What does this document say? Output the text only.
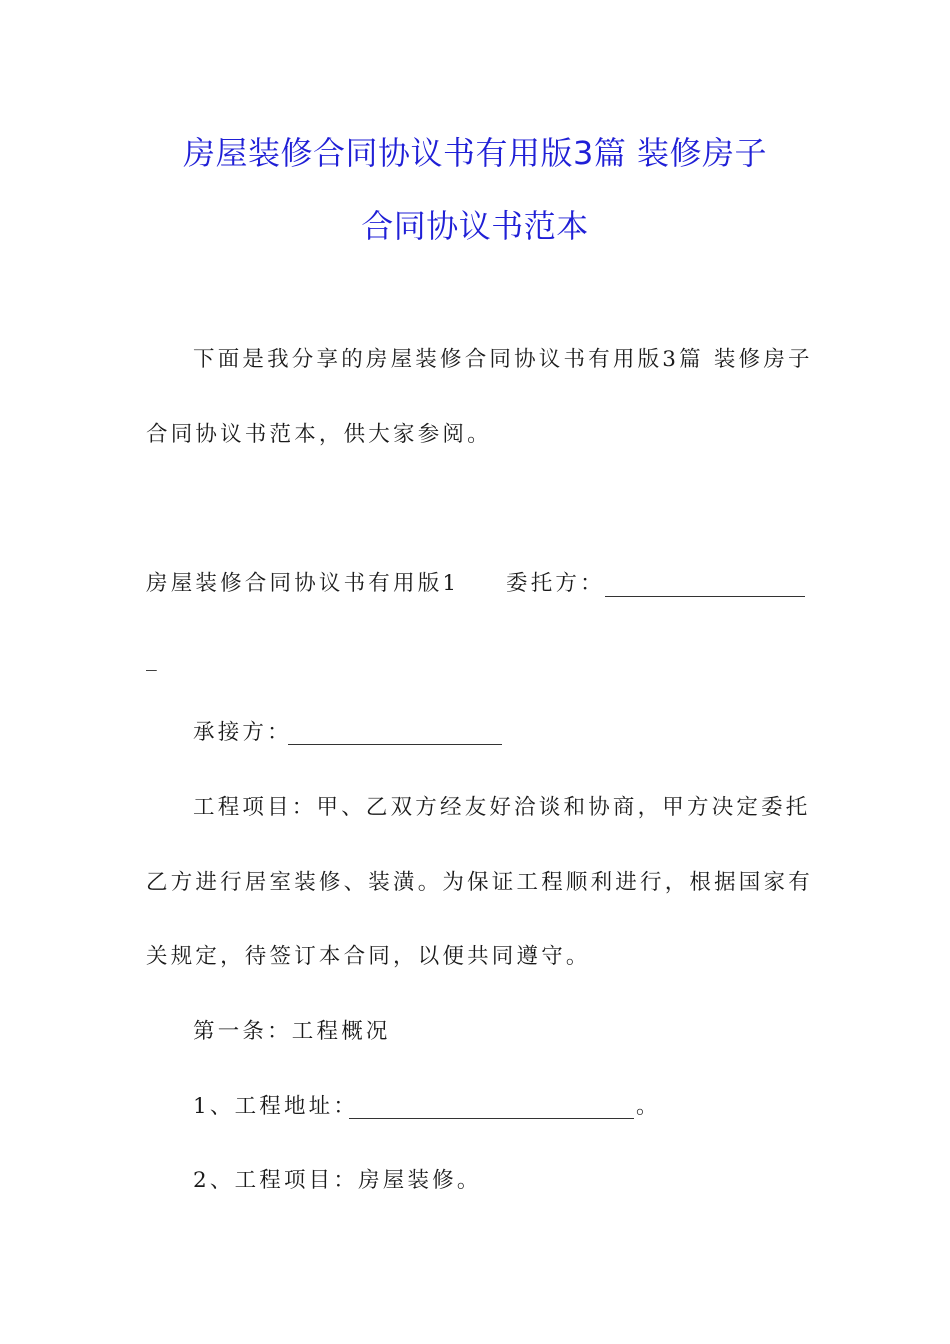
房屋装修合同协议书有用版3篇 装修房子
合同协议书范本
下面是我分享的房屋装修合同协议书有用版3篇 装修房子
合同协议书范本，供大家参阅。
房屋装修合同协议书有用版1 委托方：
_
承接方：
工程项目：甲、乙双方经友好洽谈和协商，甲方决定委托
乙方进行居室装修、装潢。为保证工程顺利进行，根据国家有
关规定，待签订本合同，以便共同遵守。
第一条：工程概况
1、工程地址：	。
2、工程项目：房屋装修。
